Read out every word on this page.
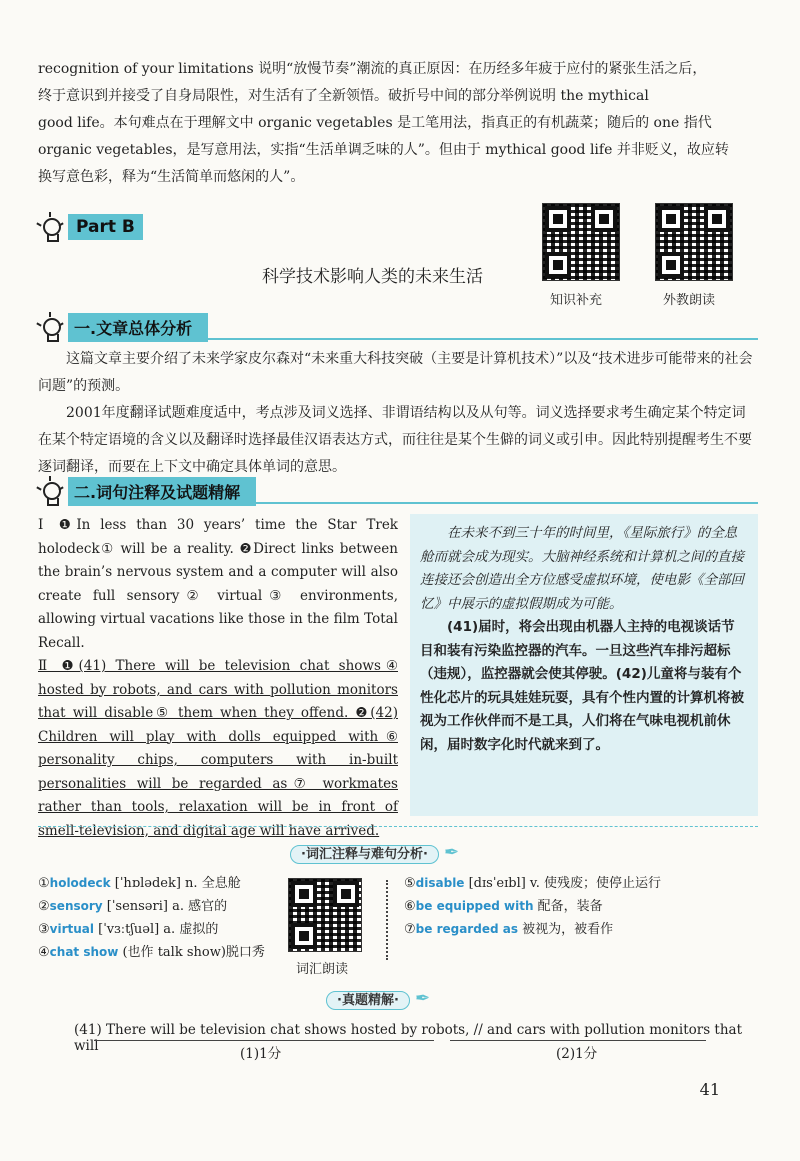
recognition of your limitations 说明“放慢节奏”潮流的真正原因：在历经多年疲于应付的紧张生活之后，

终于意识到并接受了自身局限性，对生活有了全新领悟。破折号中间的部分举例说明 the mythical

good life。本句难点在于理解文中 organic vegetables 是工笔用法，指真正的有机蔬菜；随后的 one 指代

organic vegetables，是写意用法，实指“生活单调乏味的人”。但由于 mythical good life 并非贬义，故应转

换写意色彩，释为“生活简单而悠闲的人”。

Part B
科学技术影响人类的未来生活
知识补充	外教朗读
一.文章总体分析

这篇文章主要介绍了未来学家皮尔森对“未来重大科技突破（主要是计算机技术）”以及“技术进步可能带来的社会问题”的预测。

2001年度翻译试题难度适中，考点涉及词义选择、非谓语结构以及从句等。词义选择要求考生确定某个特定词在某个特定语境的含义以及翻译时选择最佳汉语表达方式，而往往是某个生僻的词义或引申。因此特别提醒考生不要逐词翻译，而要在上下文中确定具体单词的意思。

二.词句注释及试题精解

Ⅰ ❶In less than 30 years’ time the Star Trek holodeck① will be a reality. ❷Direct links between the brain’s nervous system and a computer will also create full sensory② virtual③ environments, allowing virtual vacations like those in the film Total Recall.

Ⅱ ❶(41) There will be television chat shows④ hosted by robots, and cars with pollution monitors that will disable⑤ them when they offend. ❷(42) Children will play with dolls equipped with⑥ personality chips, computers with in-built personalities will be regarded as⑦ workmates rather than tools, relaxation will be in front of smell-television, and digital age will have arrived.

在未来不到三十年的时间里，《星际旅行》的全息舱而就会成为现实。大脑神经系统和计算机之间的直接连接还会创造出全方位感受虚拟环境，使电影《全部回忆》中展示的虚拟假期成为可能。

(41)届时，将会出现由机器人主持的电视谈话节目和装有污染监控器的汽车。一旦这些汽车排污超标（违规），监控器就会使其停驶。(42)儿童将与装有个性化芯片的玩具娃娃玩耍，具有个性内置的计算机将被视为工作伙伴而不是工具，人们将在气味电视机前休闲，届时数字化时代就来到了。

·词汇注释与难句分析· ✒
①holodeck [ˈhɒlədek] n. 全息舱
②sensory [ˈsensəri] a. 感官的
③virtual [ˈvɜːtʃuəl] a. 虚拟的
④chat show (也作 talk show)脱口秀
词汇朗读
⑤disable [dɪsˈeɪbl] v. 使残废；使停止运行
⑥be equipped with 配备，装备
⑦be regarded as 被视为，被看作
·真题精解· ✒
(41) There will be television chat shows hosted by robots, // and cars with pollution monitors that will	(1)1分	(2)1分
41
